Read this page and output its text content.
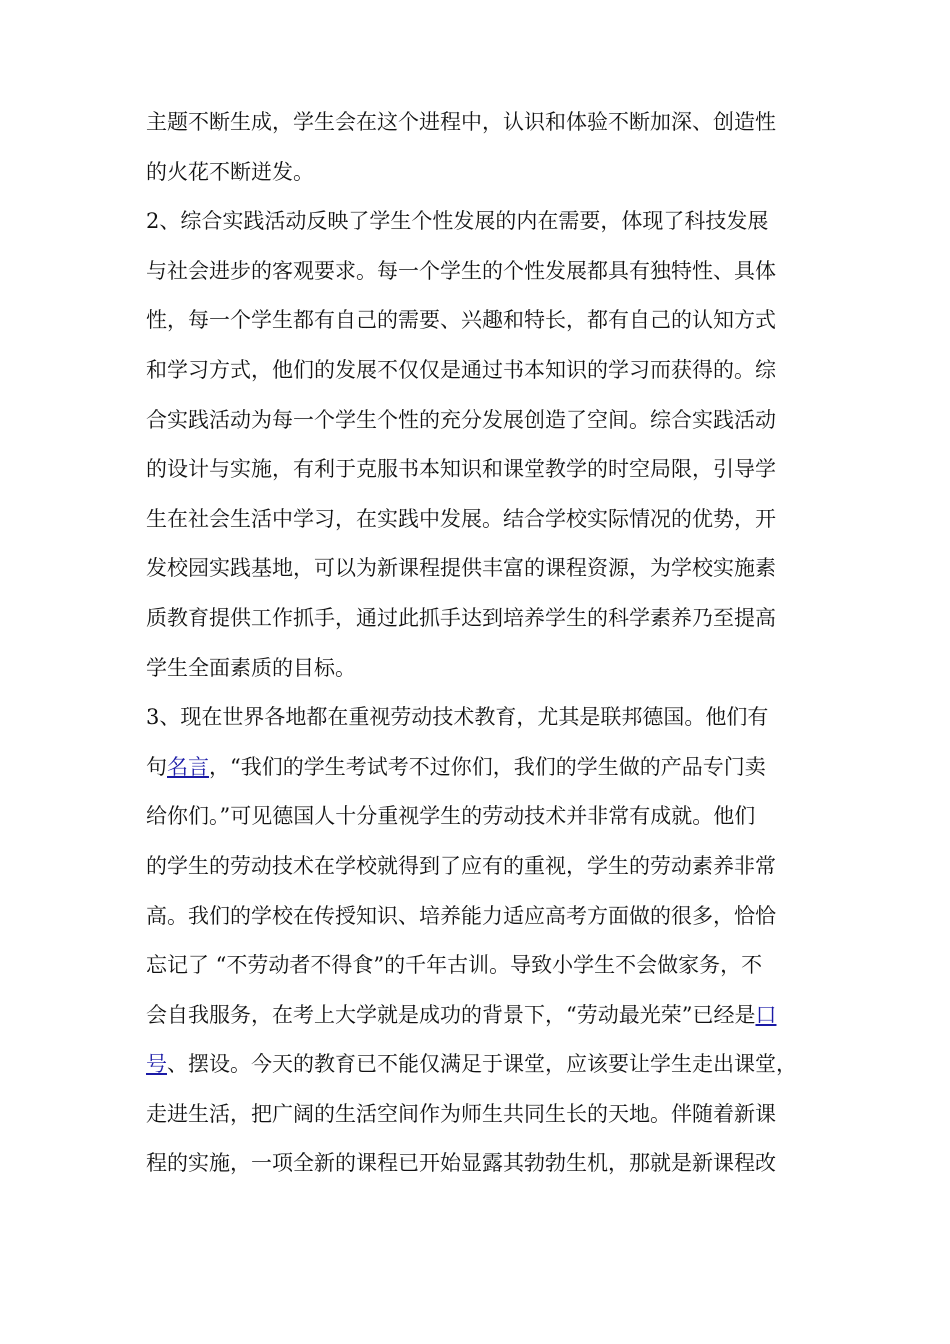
主题不断生成，学生会在这个进程中，认识和体验不断加深、创造性
的火花不断迸发。
2、综合实践活动反映了学生个性发展的内在需要，体现了科技发展
与社会进步的客观要求。每一个学生的个性发展都具有独特性、具体
性，每一个学生都有自己的需要、兴趣和特长，都有自己的认知方式
和学习方式，他们的发展不仅仅是通过书本知识的学习而获得的。综
合实践活动为每一个学生个性的充分发展创造了空间。综合实践活动
的设计与实施，有利于克服书本知识和课堂教学的时空局限，引导学
生在社会生活中学习，在实践中发展。结合学校实际情况的优势，开
发校园实践基地，可以为新课程提供丰富的课程资源，为学校实施素
质教育提供工作抓手，通过此抓手达到培养学生的科学素养乃至提高
学生全面素质的目标。
3、现在世界各地都在重视劳动技术教育，尤其是联邦德国。他们有
句名言，“我们的学生考试考不过你们，我们的学生做的产品专门卖
给你们。”可见德国人十分重视学生的劳动技术并非常有成就。他们
的学生的劳动技术在学校就得到了应有的重视，学生的劳动素养非常
高。我们的学校在传授知识、培养能力适应高考方面做的很多，恰恰
忘记了 “不劳动者不得食”的千年古训。导致小学生不会做家务，不
会自我服务，在考上大学就是成功的背景下，“劳动最光荣”已经是口
号、摆设。今天的教育已不能仅满足于课堂，应该要让学生走出课堂，
走进生活，把广阔的生活空间作为师生共同生长的天地。伴随着新课
程的实施，一项全新的课程已开始显露其勃勃生机，那就是新课程改
